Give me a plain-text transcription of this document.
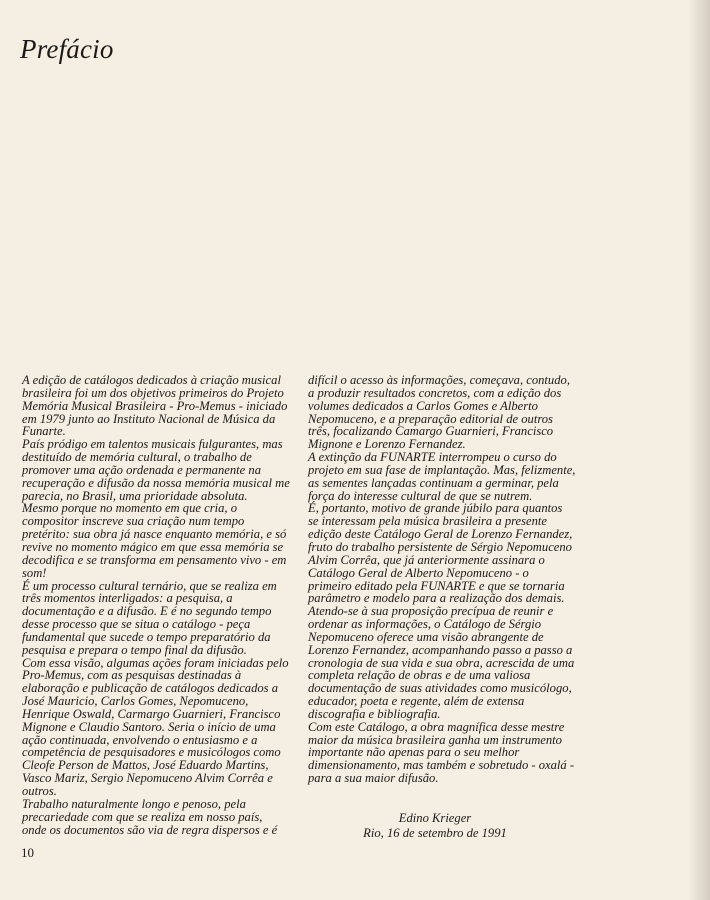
Prefácio
A edição de catálogos dedicados à criação musical
brasileira foi um dos objetivos primeiros do Projeto
Memória Musical Brasileira - Pro-Memus - iniciado
em 1979 junto ao Instituto Nacional de Música da
Funarte.
País pródigo em talentos musicais fulgurantes, mas
destituído de memória cultural, o trabalho de
promover uma ação ordenada e permanente na
recuperação e difusão da nossa memória musical me
parecia, no Brasil, uma prioridade absoluta.
Mesmo porque no momento em que cria, o
compositor inscreve sua criação num tempo
pretérito: sua obra já nasce enquanto memória, e só
revive no momento mágico em que essa memória se
decodifica e se transforma em pensamento vivo - em
som!
É um processo cultural ternário, que se realiza em
três momentos interligados: a pesquisa, a
documentação e a difusão. E é no segundo tempo
desse processo que se situa o catálogo - peça
fundamental que sucede o tempo preparatório da
pesquisa e prepara o tempo final da difusão.
Com essa visão, algumas ações foram iniciadas pelo
Pro-Memus, com as pesquisas destinadas à
elaboração e publicação de catálogos dedicados a
José Mauricio, Carlos Gomes, Nepomuceno,
Henrique Oswald, Carmargo Guarnieri, Francisco
Mignone e Claudio Santoro. Seria o início de uma
ação continuada, envolvendo o entusiasmo e a
competência de pesquisadores e musicólogos como
Cleofe Person de Mattos, José Eduardo Martins,
Vasco Mariz, Sergio Nepomuceno Alvim Corrêa e
outros.
Trabalho naturalmente longo e penoso, pela
precariedade com que se realiza em nosso país,
onde os documentos são via de regra dispersos e é
difícil o acesso às informações, começava, contudo,
a produzir resultados concretos, com a edição dos
volumes dedicados a Carlos Gomes e Alberto
Nepomuceno, e a preparação editorial de outros
três, focalizando Camargo Guarnieri, Francisco
Mignone e Lorenzo Fernandez.
A extinção da FUNARTE interrompeu o curso do
projeto em sua fase de implantação. Mas, felizmente,
as sementes lançadas continuam a germinar, pela
força do interesse cultural de que se nutrem.
É, portanto, motivo de grande júbilo para quantos
se interessam pela música brasileira a presente
edição deste Catálogo Geral de Lorenzo Fernandez,
fruto do trabalho persistente de Sérgio Nepomuceno
Alvim Corrêa, que já anteriormente assinara o
Catálogo Geral de Alberto Nepomuceno - o
primeiro editado pela FUNARTE e que se tornaria
parâmetro e modelo para a realização dos demais.
Atendo-se à sua proposição precípua de reunir e
ordenar as informações, o Catálogo de Sérgio
Nepomuceno oferece uma visão abrangente de
Lorenzo Fernandez, acompanhando passo a passo a
cronologia de sua vida e sua obra, acrescida de uma
completa relação de obras e de uma valiosa
documentação de suas atividades como musicólogo,
educador, poeta e regente, além de extensa
discografia e bibliografia.
Com este Catálogo, a obra magnífica desse mestre
maior da música brasileira ganha um instrumento
importante não apenas para o seu melhor
dimensionamento, mas também e sobretudo - oxalá -
para a sua maior difusão.
Edino Krieger
Rio, 16 de setembro de 1991
10
